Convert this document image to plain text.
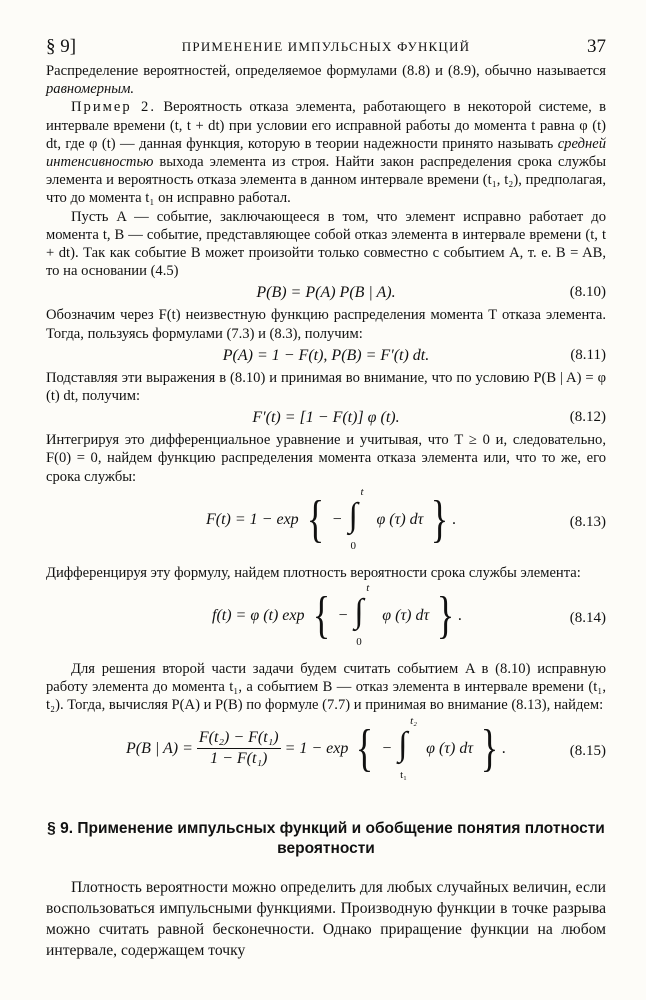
§ 9]	ПРИМЕНЕНИЕ ИМПУЛЬСНЫХ ФУНКЦИЙ	37

Распределение вероятностей, определяемое формулами (8.8) и (8.9), обычно называется равномерным.

Пример 2. Вероятность отказа элемента, работающего в некоторой системе, в интервале времени (t, t + dt) при условии его исправной работы до момента t равна φ (t) dt, где φ (t) — данная функция, которую в теории надежности принято называть средней интенсивностью выхода элемента из строя. Найти закон распределения срока службы элемента и вероятность отказа элемента в данном интервале времени (t₁, t₂), предполагая, что до момента t₁ он исправно работал.

Пусть A — событие, заключающееся в том, что элемент исправно работает до момента t, B — событие, представляющее собой отказ элемента в интервале времени (t, t + dt). Так как событие B может произойти только совместно с событием A, т. е. B = AB, то на основании (4.5)

P(B) = P(A) P(B | A).	(8.10)

Обозначим через F(t) неизвестную функцию распределения момента T отказа элемента. Тогда, пользуясь формулами (7.3) и (8.3), получим:

P(A) = 1 − F(t), P(B) = F′(t) dt.	(8.11)

Подставляя эти выражения в (8.10) и принимая во внимание, что по условию P(B | A) = φ (t) dt, получим:

F′(t) = [1 − F(t)] φ (t).	(8.12)

Интегрируя это дифференциальное уравнение и учитывая, что T ≥ 0 и, следовательно, F(0) = 0, найдем функцию распределения момента отказа элемента или, что то же, его срока службы:

F(t) = 1 − exp { −
t
∫
0
φ (τ) dτ } .	(8.13)

Дифференцируя эту формулу, найдем плотность вероятности срока службы элемента:

f(t) = φ (t) exp { −
t
∫
0
φ (τ) dτ } .	(8.14)

Для решения второй части задачи будем считать событием A в (8.10) исправную работу элемента до момента t₁, а событием B — отказ элемента в интервале времени (t₁, t₂). Тогда, вычисляя P(A) и P(B) по формуле (7.7) и принимая во внимание (8.13), найдем:

P(B | $A) = \frac{\text{F(t₂) − F(t₁)}}{\text{1 − F(t₁)}} = 1 - \exp$ { −
t₂
∫
t₁
φ (τ) dτ } .	(8.15)
§ 9. Применение импульсных функций и обобщение понятия плотности вероятности

Плотность вероятности можно определить для любых случайных величин, если воспользоваться импульсными функциями. Производную функции в точке разрыва можно считать равной бесконечности. Однако приращение функции на любом интервале, содержащем точку
